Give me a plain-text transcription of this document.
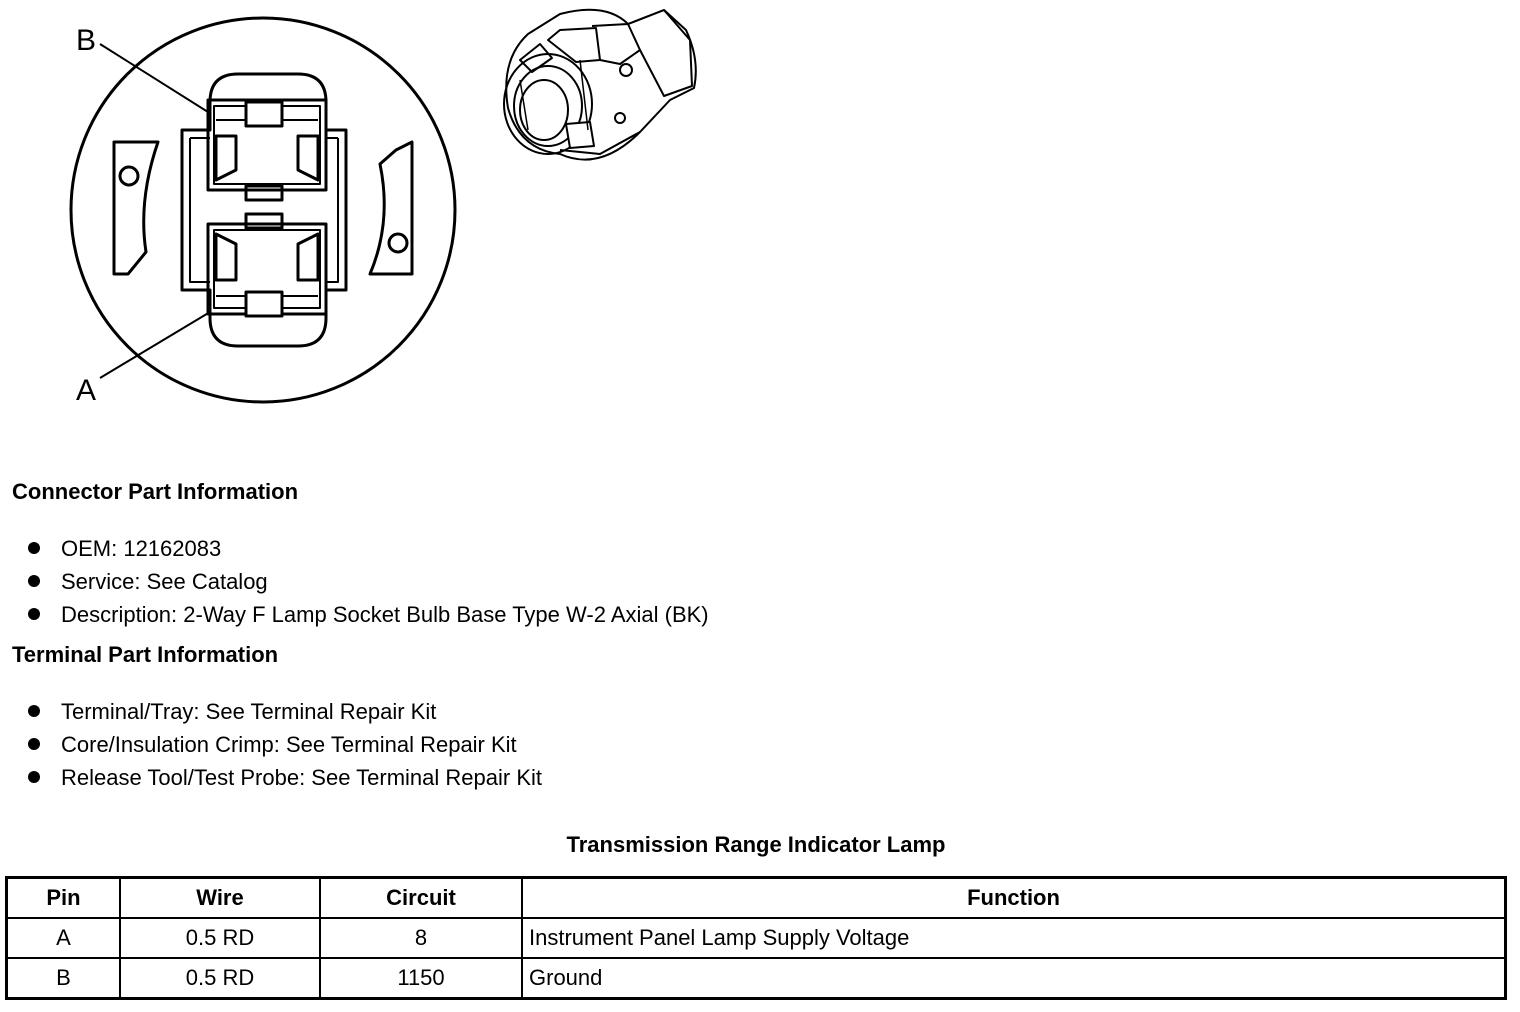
B
A
Connector Part Information
OEM: 12162083
Service: See Catalog
Description: 2-Way F Lamp Socket Bulb Base Type W-2 Axial (BK)
Terminal Part Information
Terminal/Tray: See Terminal Repair Kit
Core/Insulation Crimp: See Terminal Repair Kit
Release Tool/Test Probe: See Terminal Repair Kit
Transmission Range Indicator Lamp
Pin	Wire	Circuit	Function
A	0.5 RD	8	Instrument Panel Lamp Supply Voltage
B	0.5 RD	1150	Ground
